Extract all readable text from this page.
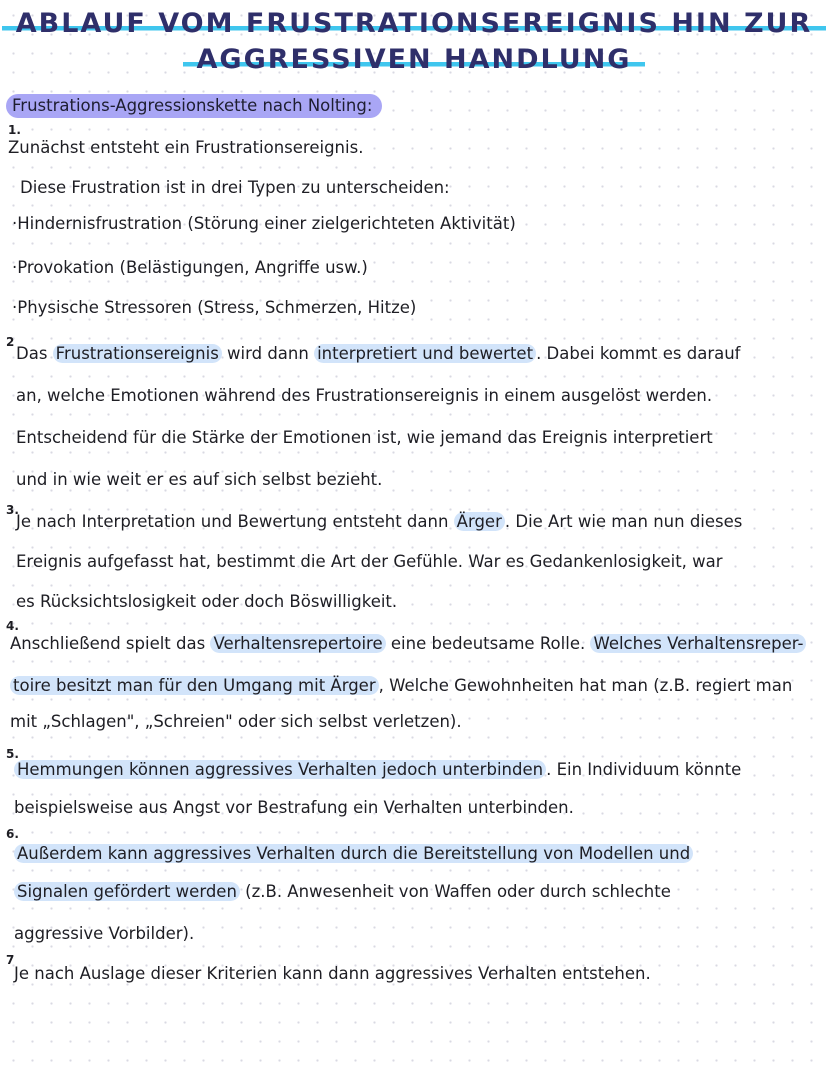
ABLAUF VOM FRUSTRATIONSEREIGNIS HIN ZUR
AGGRESSIVEN HANDLUNG
Frustrations-Aggressionskette nach Nolting:
1.
Zunächst entsteht ein Frustrationsereignis.
Diese Frustration ist in drei Typen zu unterscheiden:
·Hindernisfrustration (Störung einer zielgerichteten Aktivität)
·Provokation (Belästigungen, Angriffe usw.)
·Physische Stressoren (Stress, Schmerzen, Hitze)
2
Das Frustrationsereignis wird dann interpretiert und bewertet . Dabei kommt es darauf
an, welche Emotionen während des Frustrationsereignis in einem ausgelöst werden.
Entscheidend für die Stärke der Emotionen ist, wie jemand das Ereignis interpretiert
und in wie weit er es auf sich selbst bezieht.
3.
Je nach Interpretation und Bewertung entsteht dann Ärger . Die Art wie man nun dieses
Ereignis aufgefasst hat, bestimmt die Art der Gefühle. War es Gedankenlosigkeit, war
es Rücksichtslosigkeit oder doch Böswilligkeit.
4.
Anschließend spielt das Verhaltensrepertoire eine bedeutsame Rolle. Welches Verhaltensreper-
toire besitzt man für den Umgang mit Ärger , Welche Gewohnheiten hat man (z.B. regiert man
mit „Schlagen", „Schreien" oder sich selbst verletzen).
5.
Hemmungen können aggressives Verhalten jedoch unterbinden . Ein Individuum könnte
beispielsweise aus Angst vor Bestrafung ein Verhalten unterbinden.
6.
Außerdem kann aggressives Verhalten durch die Bereitstellung von Modellen und
Signalen gefördert werden (z.B. Anwesenheit von Waffen oder durch schlechte
aggressive Vorbilder).
7
Je nach Auslage dieser Kriterien kann dann aggressives Verhalten entstehen.
